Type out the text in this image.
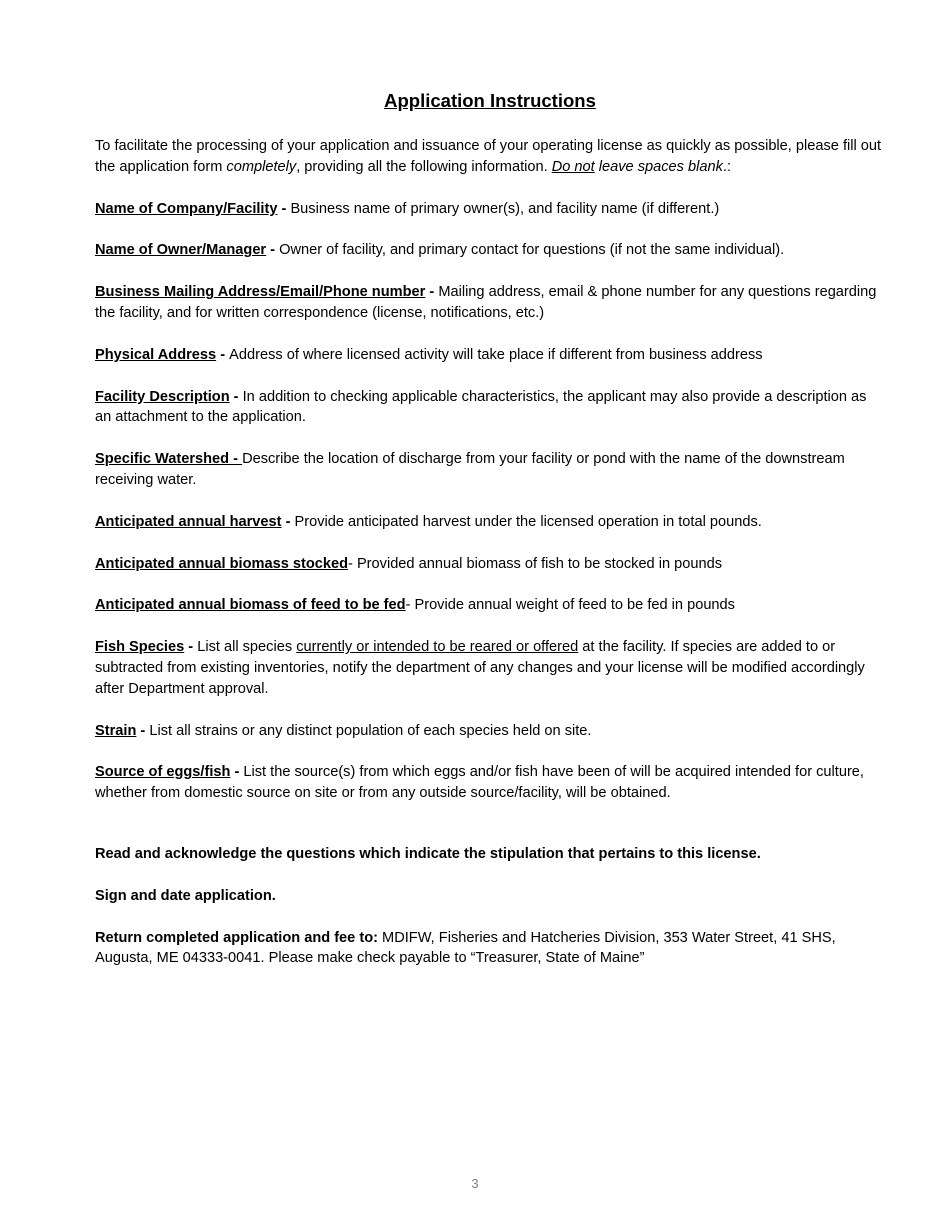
Application Instructions

To facilitate the processing of your application and issuance of your operating license as quickly as possible, please fill out the application form completely, providing all the following information. Do not leave spaces blank.:

Name of Company/Facility - Business name of primary owner(s), and facility name (if different.)

Name of Owner/Manager - Owner of facility, and primary contact for questions (if not the same individual).

Business Mailing Address/Email/Phone number - Mailing address, email & phone number for any questions regarding the facility, and for written correspondence (license, notifications, etc.)

Physical Address - Address of where licensed activity will take place if different from business address

Facility Description - In addition to checking applicable characteristics, the applicant may also provide a description as an attachment to the application.

Specific Watershed - Describe the location of discharge from your facility or pond with the name of the downstream receiving water.

Anticipated annual harvest - Provide anticipated harvest under the licensed operation in total pounds.

Anticipated annual biomass stocked- Provided annual biomass of fish to be stocked in pounds

Anticipated annual biomass of feed to be fed- Provide annual weight of feed to be fed in pounds

Fish Species - List all species currently or intended to be reared or offered at the facility. If species are added to or subtracted from existing inventories, notify the department of any changes and your license will be modified accordingly after Department approval.

Strain - List all strains or any distinct population of each species held on site.

Source of eggs/fish - List the source(s) from which eggs and/or fish have been of will be acquired intended for culture, whether from domestic source on site or from any outside source/facility, will be obtained.

Read and acknowledge the questions which indicate the stipulation that pertains to this license.

Sign and date application.

Return completed application and fee to: MDIFW, Fisheries and Hatcheries Division, 353 Water Street, 41 SHS, Augusta, ME 04333-0041. Please make check payable to “Treasurer, State of Maine”

3
